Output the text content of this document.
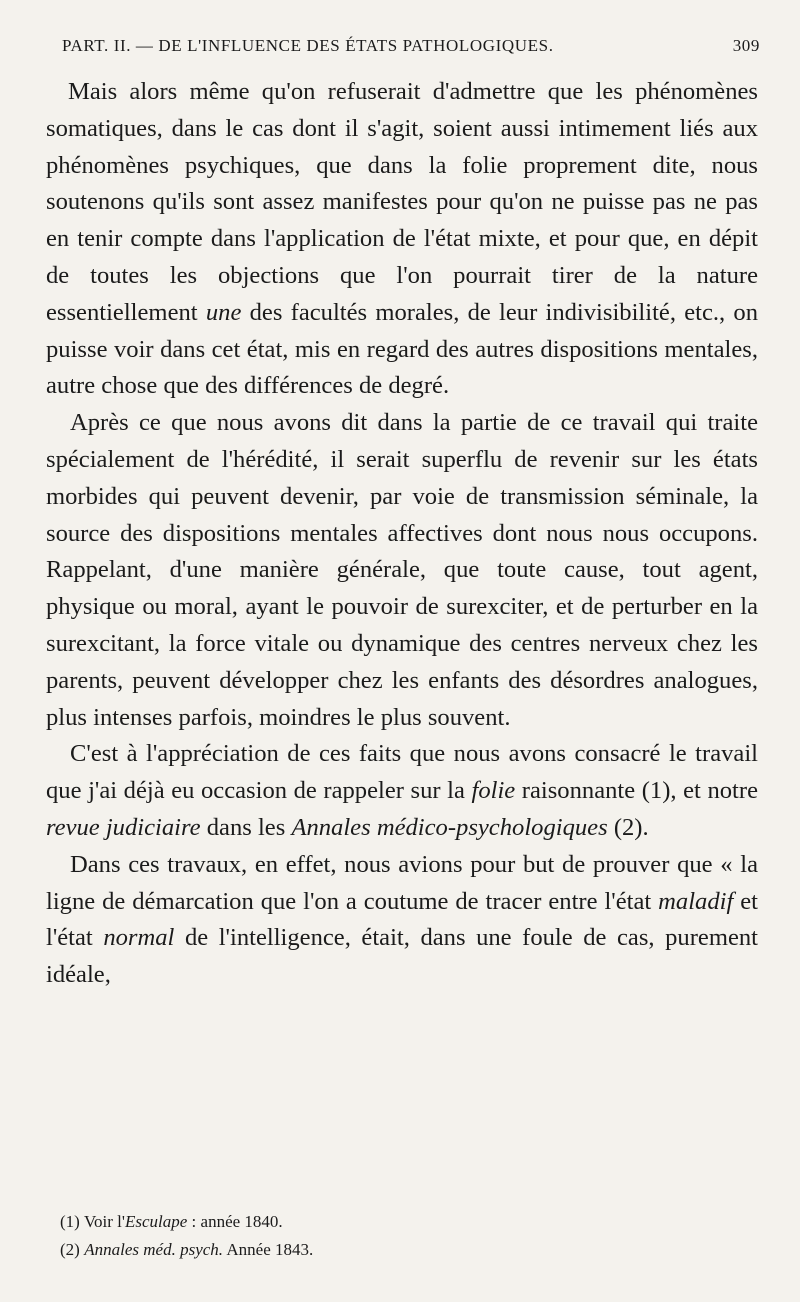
PART. II. — DE L'INFLUENCE DES ÉTATS PATHOLOGIQUES.	309

Mais alors même qu'on refuserait d'admettre que les phénomènes somatiques, dans le cas dont il s'agit, soient aussi intimement liés aux phénomènes psychiques, que dans la folie proprement dite, nous soutenons qu'ils sont assez manifestes pour qu'on ne puisse pas ne pas en tenir compte dans l'application de l'état mixte, et pour que, en dépit de toutes les objections que l'on pourrait tirer de la nature essentiellement une des facultés morales, de leur indivisibilité, etc., on puisse voir dans cet état, mis en regard des autres dispositions mentales, autre chose que des différences de degré.

Après ce que nous avons dit dans la partie de ce travail qui traite spécialement de l'hérédité, il serait superflu de revenir sur les états morbides qui peuvent devenir, par voie de transmission séminale, la source des dispositions mentales affectives dont nous nous occupons. Rappelant, d'une manière générale, que toute cause, tout agent, physique ou moral, ayant le pouvoir de surexciter, et de perturber en la surexcitant, la force vitale ou dynamique des centres nerveux chez les parents, peuvent développer chez les enfants des désordres analogues, plus intenses parfois, moindres le plus souvent.

C'est à l'appréciation de ces faits que nous avons consacré le travail que j'ai déjà eu occasion de rappeler sur la folie raisonnante (1), et notre revue judiciaire dans les Annales médico-psychologiques (2).

Dans ces travaux, en effet, nous avions pour but de prouver que « la ligne de démarcation que l'on a coutume de tracer entre l'état maladif et l'état normal de l'intelligence, était, dans une foule de cas, purement idéale,

(1) Voir l'Esculape : année 1840.
(2) Annales méd. psych. Année 1843.
